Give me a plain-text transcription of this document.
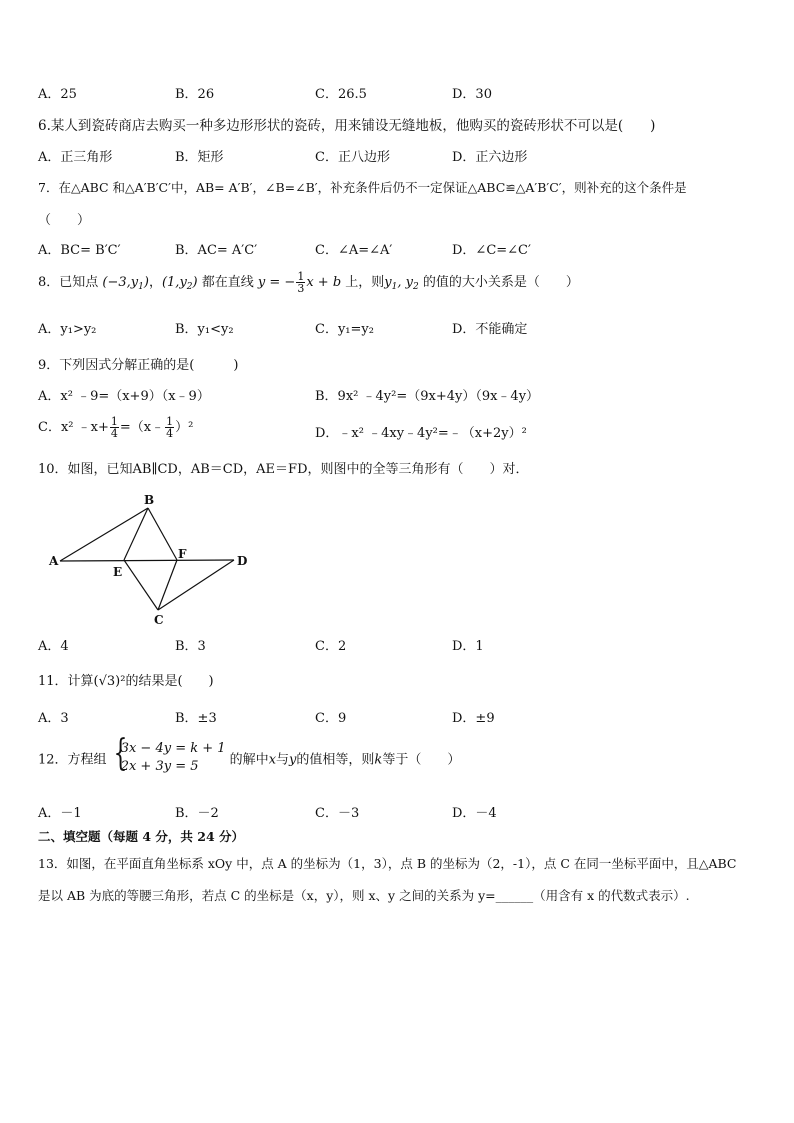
A．25	B．26	C．26.5	D．30
6.某人到瓷砖商店去购买一种多边形形状的瓷砖，用来铺设无缝地板，他购买的瓷砖形状不可以是(　　)
A．正三角形	B．矩形	C．正八边形	D．正六边形
7．在△ABC 和△A′B′C′中，AB= A′B′，∠B=∠B′，补充条件后仍不一定保证△ABC≌△A′B′C′，则补充的这个条件是
（　　）
A．BC= B′C′	B．AC= A′C′	C．∠A=∠A′	D．∠C=∠C′
8．已知点 $(-3,y_1)$，$(1,y_2)$ 都在直线 y = − $\frac{1}{3}$ x + b 上，则$y_1$, $y_2$ 的值的大小关系是（　　）
A．y₁>y₂	B．y₁<y₂	C．y₁=y₂	D．不能确定
9．下列因式分解正确的是(　　　)
A．x² ﹣9=（x+9）（x﹣9）	B．9x² ﹣4y²=（9x+4y）（9x﹣4y）
C．x² ﹣x+ $\frac{1}{4}$ =（x﹣ $\frac{1}{4} )^2$	D．﹣x² ﹣4xy﹣4y²=﹣（x+2y）²
10．如图，已知AB∥CD，AB＝CD，AE＝FD，则图中的全等三角形有（　　）对．
A
B
C
D
E
F
A．4	B．3	C．2	D．1
11．计算(√3)²的结果是(　　)
A．3	B．±3	C．9	D．±9
12．方程组
{ 3x − 4y = k + 1
2x + 3y = 5	的解中x与y的值相等，则k等于（　　）
A．－1	B．－2	C．－3	D．－4
二、填空题（每题 4 分，共 24 分）
13．如图，在平面直角坐标系 xOy 中，点 A 的坐标为（1，3），点 B 的坐标为（2，-1），点 C 在同一坐标平面中，且△ABC
是以 AB 为底的等腰三角形，若点 C 的坐标是（x，y），则 x、y 之间的关系为 y=______（用含有 x 的代数式表示）.
